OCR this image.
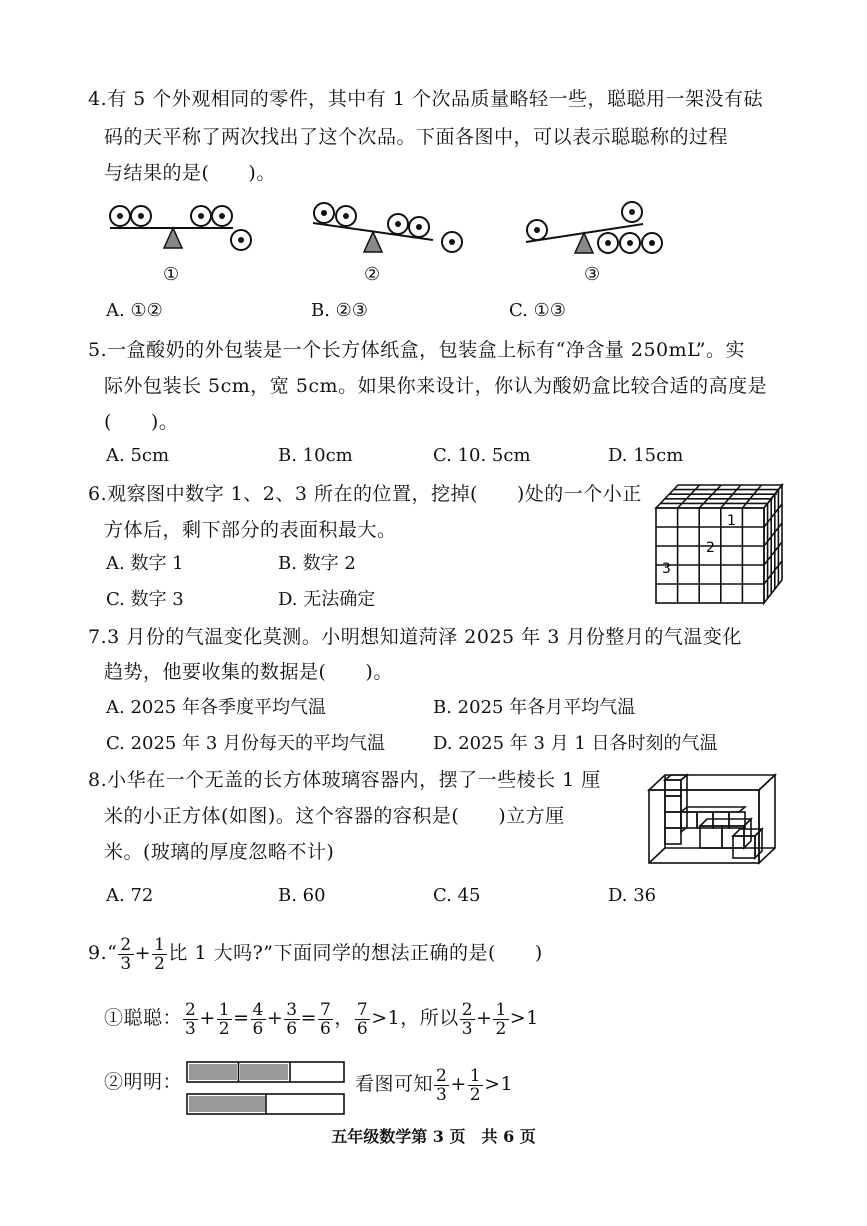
4.有 5 个外观相同的零件，其中有 1 个次品质量略轻一些，聪聪用一架没有砝
码的天平称了两次找出了这个次品。下面各图中，可以表示聪聪称的过程
与结果的是(　　)。
①	②	③
A. ①②	B. ②③	C. ①③
5.一盒酸奶的外包装是一个长方体纸盒，包装盒上标有“净含量 250mL”。实
际外包装长 5cm，宽 5cm。如果你来设计，你认为酸奶盒比较合适的高度是
(　　)。
A. 5cm	B. 10cm	C. 10. 5cm	D. 15cm
6.观察图中数字 1、2、3 所在的位置，挖掉(　　)处的一个小正
方体后，剩下部分的表面积最大。
A. 数字 1	B. 数字 2
C. 数字 3	D. 无法确定
1
2
3
7.3 月份的气温变化莫测。小明想知道菏泽 2025 年 3 月份整月的气温变化
趋势，他要收集的数据是(　　)。
A. 2025 年各季度平均气温	B. 2025 年各月平均气温
C. 2025 年 3 月份每天的平均气温	D. 2025 年 3 月 1 日各时刻的气温
8.小华在一个无盖的长方体玻璃容器内，摆了一些棱长 1 厘
米的小正方体(如图)。这个容器的容积是(　　)立方厘
米。(玻璃的厚度忽略不计)
A. 72	B. 60	C. 45	D. 36
9.“ $\frac{2}{3} + \frac{1}{2}$ 比 1 大吗?”下面同学的想法正确的是(　　)
①聪聪： $\frac{2}{3} + \frac{1}{2} = \frac{4}{6} + \frac{3}{6} = \frac{7}{6}$ ， $\frac{7}{6} >1$，所以 $\frac{2}{3} + \frac{1}{2} >1$
②明明：	看图可知 $\frac{2}{3} + \frac{1}{2} >1$
五年级数学第 3 页　共 6 页
